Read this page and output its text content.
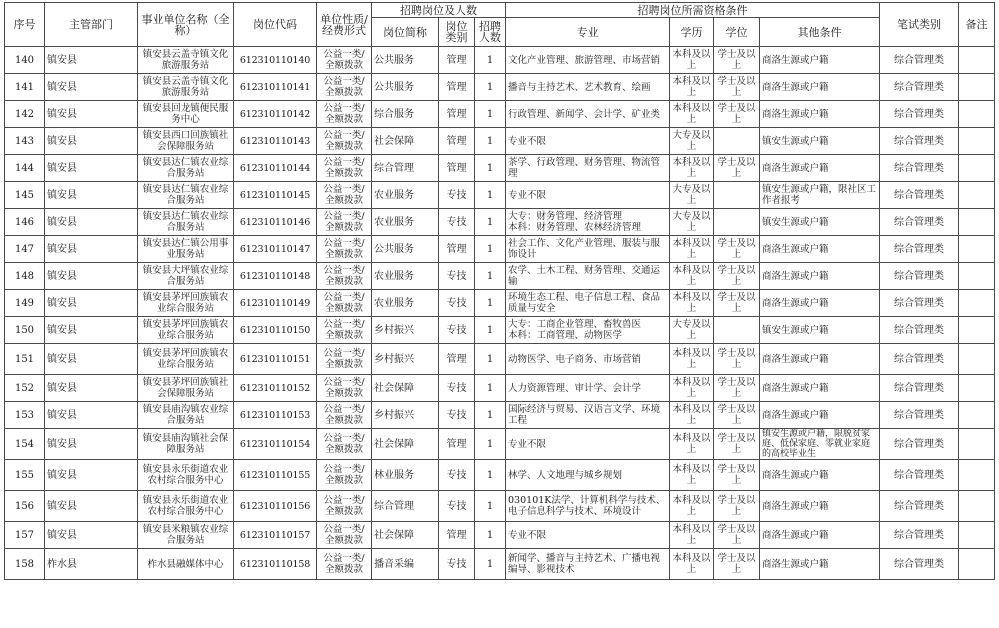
序号	主管部门	事业单位名称（全称）	岗位代码	单位性质/经费形式	招聘岗位及人数			招聘岗位所需资格条件				笔试类别	备注
					岗位简称	岗位类别	招聘人数	专业	学历	学位	其他条件		
140	镇安县	镇安县云盖寺镇文化旅游服务站	612310110140	公益一类/全额拨款	公共服务	管理	1	文化产业管理、旅游管理、市场营销	本科及以上	学士及以上	商洛生源或户籍	综合管理类	
141	镇安县	镇安县云盖寺镇文化旅游服务站	612310110141	公益一类/全额拨款	公共服务	管理	1	播音与主持艺术、艺术教育、绘画	本科及以上	学士及以上	商洛生源或户籍	综合管理类	
142	镇安县	镇安县回龙镇便民服务中心	612310110142	公益一类/全额拨款	综合服务	管理	1	行政管理、新闻学、会计学、矿业类	本科及以上	学士及以上	商洛生源或户籍	综合管理类	
143	镇安县	镇安县西口回族镇社会保障服务站	612310110143	公益一类/全额拨款	社会保障	管理	1	专业不限	大专及以上		镇安生源或户籍	综合管理类	
144	镇安县	镇安县达仁镇农业综合服务站	612310110144	公益一类/全额拨款	综合管理	管理	1	茶学、行政管理、财务管理、物流管理	本科及以上	学士及以上	商洛生源或户籍	综合管理类	
145	镇安县	镇安县达仁镇农业综合服务站	612310110145	公益一类/全额拨款	农业服务	专技	1	专业不限	大专及以上		镇安生源或户籍，限社区工作者报考	综合管理类	
146	镇安县	镇安县达仁镇农业综合服务站	612310110146	公益一类/全额拨款	农业服务	专技	1	大专：财务管理、经济管理
本科：财务管理、农林经济管理	大专及以上		镇安生源或户籍	综合管理类	
147	镇安县	镇安县达仁镇公用事业服务站	612310110147	公益一类/全额拨款	公共服务	管理	1	社会工作、文化产业管理、服装与服饰设计	本科及以上	学士及以上	商洛生源或户籍	综合管理类	
148	镇安县	镇安县大坪镇农业综合服务站	612310110148	公益一类/全额拨款	农业服务	专技	1	农学、土木工程、财务管理、交通运输	本科及以上	学士及以上	商洛生源或户籍	综合管理类	
149	镇安县	镇安县茅坪回族镇农业综合服务站	612310110149	公益一类/全额拨款	农业服务	专技	1	环境生态工程、电子信息工程、食品质量与安全	本科及以上	学士及以上	商洛生源或户籍	综合管理类	
150	镇安县	镇安县茅坪回族镇农业综合服务站	612310110150	公益一类/全额拨款	乡村振兴	专技	1	大专：工商企业管理、畜牧兽医
本科：工商管理、动物医学	大专及以上		镇安生源或户籍	综合管理类	
151	镇安县	镇安县茅坪回族镇农业综合服务站	612310110151	公益一类/全额拨款	乡村振兴	管理	1	动物医学、电子商务、市场营销	本科及以上	学士及以上	商洛生源或户籍	综合管理类	
152	镇安县	镇安县茅坪回族镇社会保障服务站	612310110152	公益一类/全额拨款	社会保障	专技	1	人力资源管理、审计学、会计学	本科及以上	学士及以上	商洛生源或户籍	综合管理类	
153	镇安县	镇安县庙沟镇农业综合服务站	612310110153	公益一类/全额拨款	乡村振兴	专技	1	国际经济与贸易、汉语言文学、环境工程	本科及以上	学士及以上	商洛生源或户籍	综合管理类	
154	镇安县	镇安县庙沟镇社会保障服务站	612310110154	公益一类/全额拨款	社会保障	管理	1	专业不限	本科及以上	学士及以上	镇安生源或户籍，限脱贫家庭、低保家庭、零就业家庭的高校毕业生	综合管理类	
155	镇安县	镇安县永乐街道农业农村综合服务中心	612310110155	公益一类/全额拨款	林业服务	专技	1	林学、人文地理与城乡规划	本科及以上	学士及以上	商洛生源或户籍	综合管理类	
156	镇安县	镇安县永乐街道农业农村综合服务中心	612310110156	公益一类/全额拨款	综合管理	专技	1	030101K法学、计算机科学与技术、电子信息科学与技术、环境设计	本科及以上	学士及以上	商洛生源或户籍	综合管理类	
157	镇安县	镇安县米粮镇农业综合服务站	612310110157	公益一类/全额拨款	社会保障	管理	1	专业不限	本科及以上	学士及以上	商洛生源或户籍	综合管理类	
158	柞水县	柞水县融媒体中心	612310110158	公益一类/全额拨款	播音采编	专技	1	新闻学、播音与主持艺术、广播电视编导、影视技术	本科及以上	学士及以上	商洛生源或户籍	综合管理类	
